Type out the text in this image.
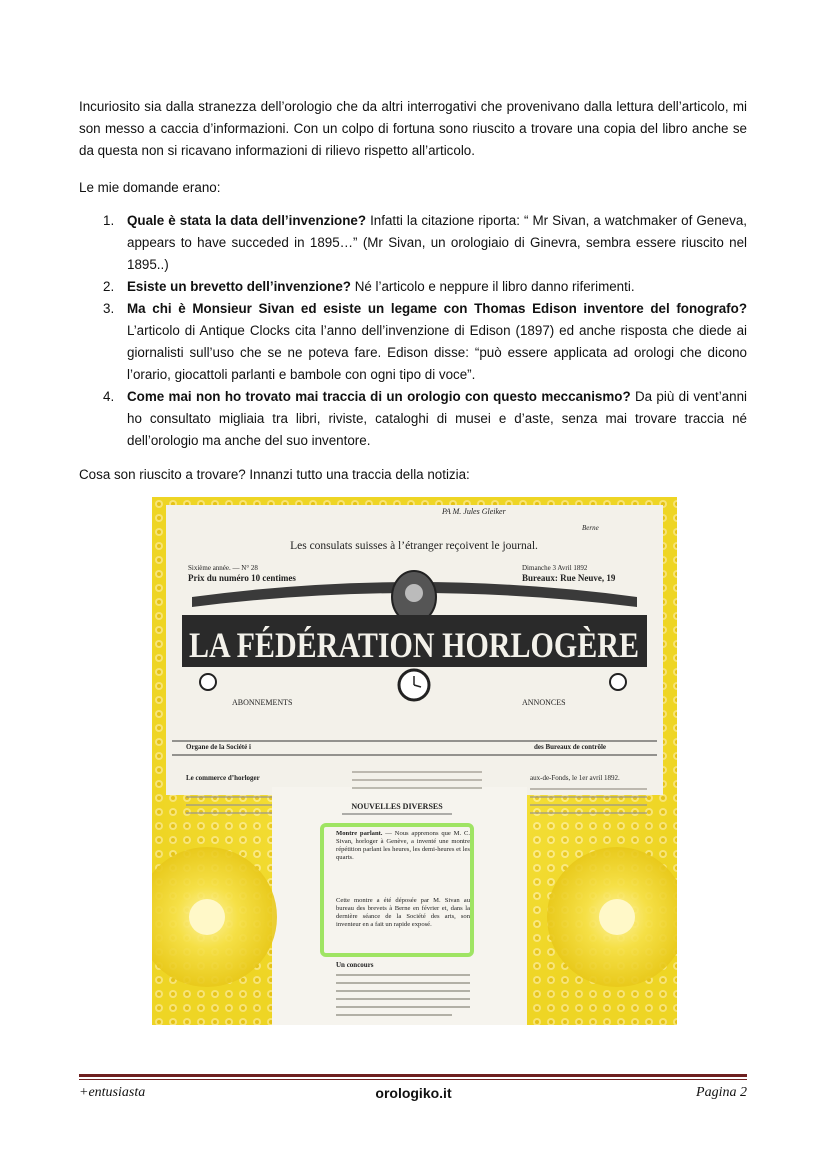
Incuriosito sia dalla stranezza dell’orologio che da altri interrogativi che provenivano dalla lettura dell’articolo, mi son messo a caccia d’informazioni. Con un colpo di fortuna sono riuscito a trovare una copia del libro anche se da questa non si ricavano informazioni di rilievo rispetto all’articolo.

Le mie domande erano:

1. Quale è stata la data dell’invenzione? Infatti la citazione riporta: “ Mr Sivan, a watchmaker of Geneva, appears to have succeded in 1895…” (Mr Sivan, un orologiaio di Ginevra, sembra essere riuscito nel 1895..)
2. Esiste un brevetto dell’invenzione? Né l’articolo e neppure il libro danno riferimenti.
3. Ma chi è Monsieur Sivan ed esiste un legame con Thomas Edison inventore del fonografo? L’articolo di Antique Clocks cita l’anno dell’invenzione di Edison (1897) ed anche risposta che diede ai giornalisti sull’uso che se ne poteva fare. Edison disse: “può essere applicata ad orologi che dicono l’orario, giocattoli parlanti e bambole con ogni tipo di voce”.
4. Come mai non ho trovato mai traccia di un orologio con questo meccanismo? Da più di vent’anni ho consultato migliaia tra libri, riviste, cataloghi di musei e d’aste, senza mai trovare traccia né dell’orologio ma anche del suo inventore.

Cosa son riuscito a trovare? Innanzi tutto una traccia della notizia:

PA M. Jules Gleiker
Berne
Les consulats suisses à l’étranger reçoivent le journal.
Sixième année. — N° 28
Prix du numéro 10 centimes
Dimanche 3 Avril 1892
Bureaux: Rue Neuve, 19
LA FÉDÉRATION HORLOGÈRE
ABONNEMENTS	ANNONCES
Organe de la Société i	des Bureaux de contrôle
Le commerce d’horloger	aux-de-Fonds, le 1er avril 1892.
NOUVELLES DIVERSES
Montre parlant. — Nous apprenons que M. C. Sivan, horloger à Genève, a inventé une montre répétition parlant les heures, les demi-heures et les quarts.
Cette montre a été déposée par M. Sivan au bureau des brevets à Berne en février et, dans la dernière séance de la Société des arts, son inventeur en a fait un rapide exposé.
Un concours
+entusiasta	orologiko.it	Pagina 2
